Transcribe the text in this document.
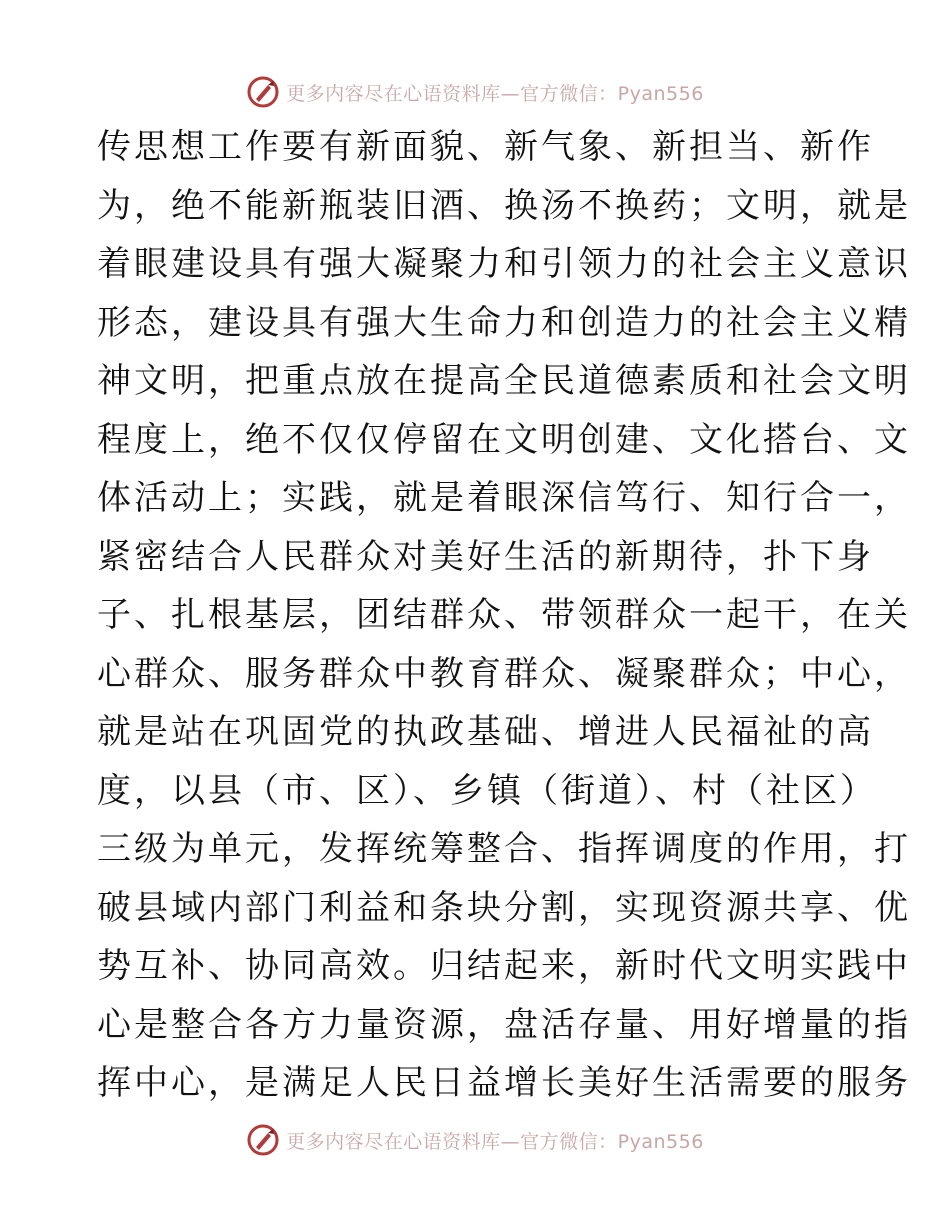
更多内容尽在心语资料库—官方微信：Pyan556
传思想工作要有新面貌、新气象、新担当、新作
为，绝不能新瓶装旧酒、换汤不换药；文明，就是
着眼建设具有强大凝聚力和引领力的社会主义意识
形态，建设具有强大生命力和创造力的社会主义精
神文明，把重点放在提高全民道德素质和社会文明
程度上，绝不仅仅停留在文明创建、文化搭台、文
体活动上；实践，就是着眼深信笃行、知行合一，
紧密结合人民群众对美好生活的新期待，扑下身
子、扎根基层，团结群众、带领群众一起干，在关
心群众、服务群众中教育群众、凝聚群众；中心，
就是站在巩固党的执政基础、增进人民福祉的高
度，以县（市、区）、乡镇（街道）、村（社区）
三级为单元，发挥统筹整合、指挥调度的作用，打
破县域内部门利益和条块分割，实现资源共享、优
势互补、协同高效。归结起来，新时代文明实践中
心是整合各方力量资源，盘活存量、用好增量的指
挥中心，是满足人民日益增长美好生活需要的服务
更多内容尽在心语资料库—官方微信：Pyan556
